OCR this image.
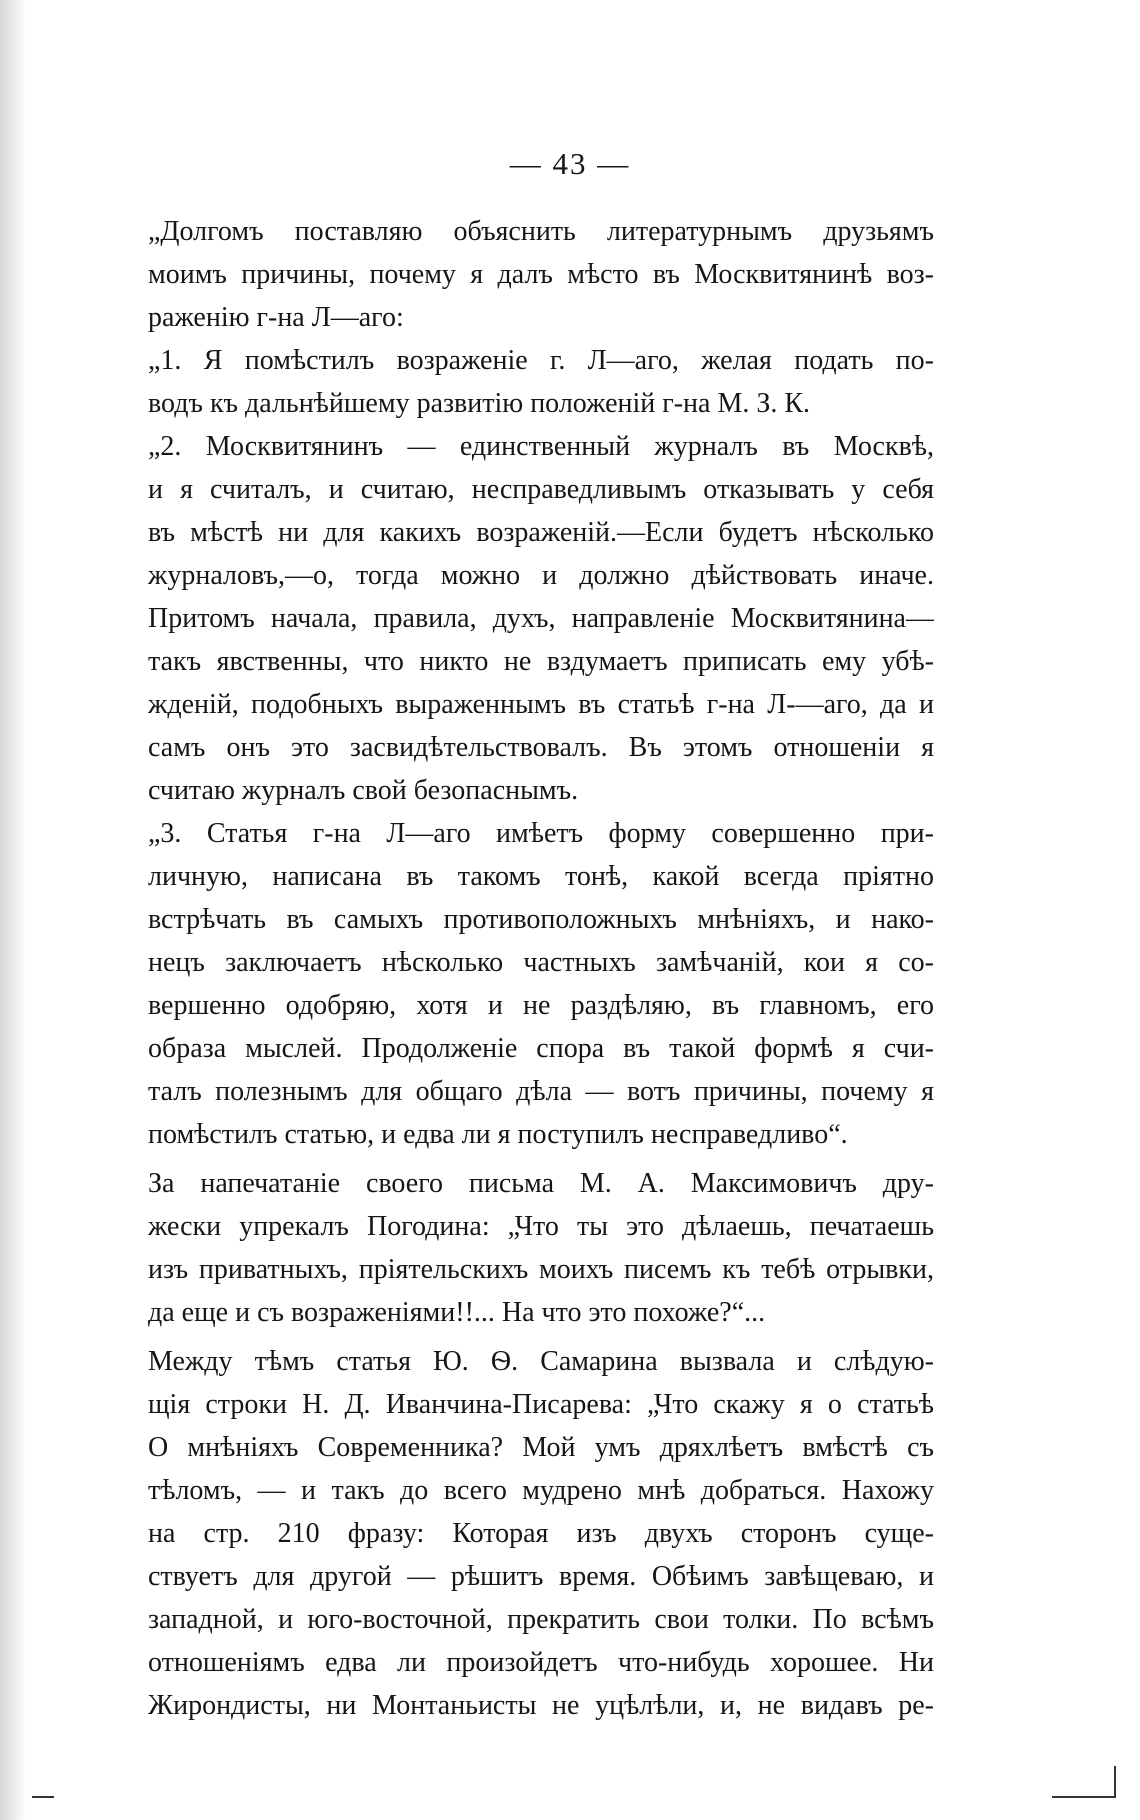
— 43 —
„Долгомъ поставляю объяснить литературнымъ друзьямъ
моимъ причины, почему я далъ мѣсто въ Москвитянинѣ воз-
раженію г-на Л—аго:
„1. Я помѣстилъ возраженіе г. Л—аго, желая подать по-
водъ къ дальнѣйшему развитію положеній г-на М. З. К.
„2. Москвитянинъ — единственный журналъ въ Москвѣ,
и я считалъ, и считаю, несправедливымъ отказывать у себя
въ мѣстѣ ни для какихъ возраженій.—Если будетъ нѣсколько
журналовъ,—о, тогда можно и должно дѣйствовать иначе.
Притомъ начала, правила, духъ, направленіе Москвитянина—
такъ явственны, что никто не вздумаетъ приписать ему убѣ-
жденій, подобныхъ выраженнымъ въ статьѣ г-на Л-—аго, да и
самъ онъ это засвидѣтельствовалъ. Въ этомъ отношеніи я
считаю журналъ свой безопаснымъ.
„3. Статья г-на Л—аго имѣетъ форму совершенно при-
личную, написана въ такомъ тонѣ, какой всегда пріятно
встрѣчать въ самыхъ противоположныхъ мнѣніяхъ, и нако-
нецъ заключаетъ нѣсколько частныхъ замѣчаній, кои я со-
вершенно одобряю, хотя и не раздѣляю, въ главномъ, его
образа мыслей. Продолженіе спора въ такой формѣ я счи-
талъ полезнымъ для общаго дѣла — вотъ причины, почему я
помѣстилъ статью, и едва ли я поступилъ несправедливо“.
За напечатаніе своего письма М. А. Максимовичъ дру-
жески упрекалъ Погодина: „Что ты это дѣлаешь, печатаешь
изъ приватныхъ, пріятельскихъ моихъ писемъ къ тебѣ отрывки,
да еще и съ возраженіями!!... На что это похоже?“...
Между тѣмъ статья Ю. Ѳ. Самарина вызвала и слѣдую-
щія строки Н. Д. Иванчина-Писарева: „Что скажу я о статьѣ
О мнѣніяхъ Современника? Мой умъ дряхлѣетъ вмѣстѣ съ
тѣломъ, — и такъ до всего мудрено мнѣ добраться. Нахожу
на стр. 210 фразу: Которая изъ двухъ сторонъ суще-
ствуетъ для другой — рѣшитъ время. Обѣимъ завѣщеваю, и
западной, и юго-восточной, прекратить свои толки. По всѣмъ
отношеніямъ едва ли произойдетъ что-нибудь хорошее. Ни
Жирондисты, ни Монтаньисты не уцѣлѣли, и, не видавъ ре-
